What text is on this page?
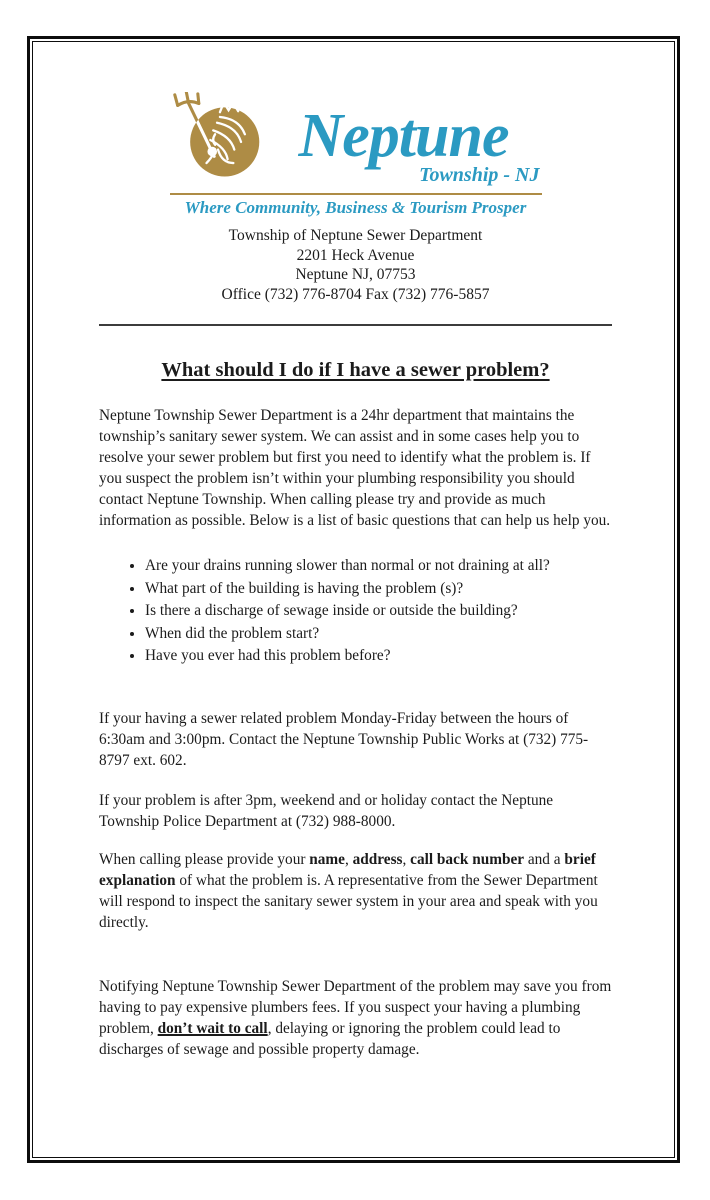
Neptune
Township - NJ
Where Community, Business & Tourism Prosper
Township of Neptune Sewer Department
2201 Heck Avenue
Neptune NJ, 07753
Office (732) 776-8704 Fax (732) 776-5857
What should I do if I have a sewer problem?

Neptune Township Sewer Department is a 24hr department that maintains the township’s sanitary sewer system. We can assist and in some cases help you to resolve your sewer problem but first you need to identify what the problem is. If you suspect the problem isn’t within your plumbing responsibility you should contact Neptune Township. When calling please try and provide as much information as possible. Below is a list of basic questions that can help us help you.

• Are your drains running slower than normal or not draining at all?
• What part of the building is having the problem (s)?
• Is there a discharge of sewage inside or outside the building?
• When did the problem start?
• Have you ever had this problem before?

If your having a sewer related problem Monday-Friday between the hours of 6:30am and 3:00pm. Contact the Neptune Township Public Works at (732) 775-8797 ext. 602.

If your problem is after 3pm, weekend and or holiday contact the Neptune Township Police Department at (732) 988-8000.

When calling please provide your name, address, call back number and a brief explanation of what the problem is. A representative from the Sewer Department will respond to inspect the sanitary sewer system in your area and speak with you directly.

Notifying Neptune Township Sewer Department of the problem may save you from having to pay expensive plumbers fees. If you suspect your having a plumbing problem, don’t wait to call, delaying or ignoring the problem could lead to discharges of sewage and possible property damage.
